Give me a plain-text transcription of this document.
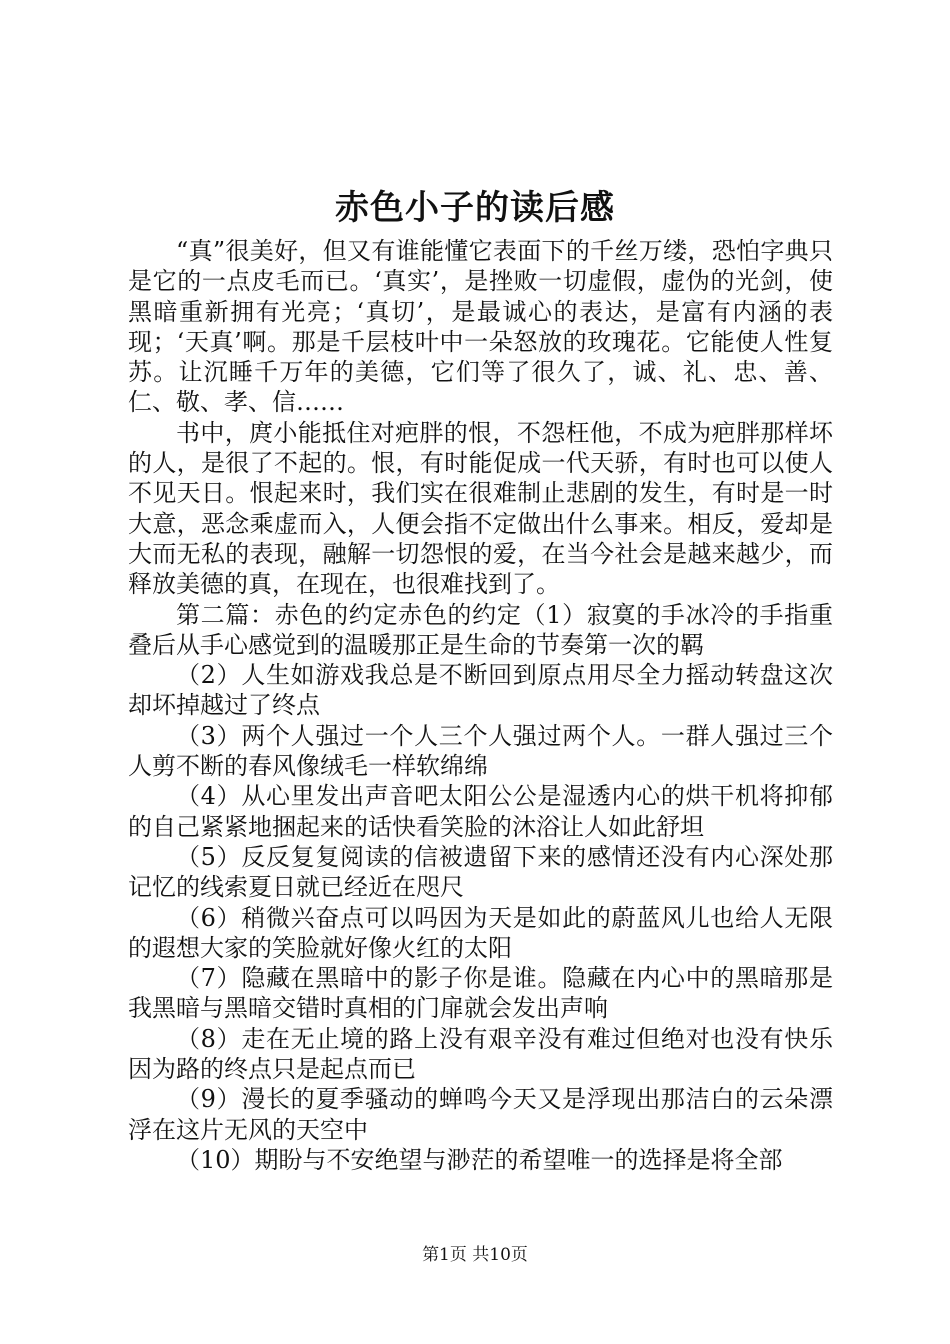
赤色小子的读后感

“真”很美好，但又有谁能懂它表面下的千丝万缕，恐怕字典只是它的一点皮毛而已。‘真实’，是挫败一切虚假，虚伪的光剑，使黑暗重新拥有光亮；‘真切’，是最诚心的表达，是富有内涵的表现；‘天真’啊。那是千层枝叶中一朵怒放的玫瑰花。它能使人性复苏。让沉睡千万年的美德，它们等了很久了，诚、礼、忠、善、仁、敬、孝、信……

书中，庹小能抵住对疤胖的恨，不怨枉他，不成为疤胖那样坏的人，是很了不起的。恨，有时能促成一代天骄，有时也可以使人不见天日。恨起来时，我们实在很难制止悲剧的发生，有时是一时大意，恶念乘虚而入，人便会指不定做出什么事来。相反，爱却是大而无私的表现，融解一切怨恨的爱，在当今社会是越来越少，而释放美德的真，在现在，也很难找到了。

第二篇：赤色的约定赤色的约定（1）寂寞的手冰冷的手指重叠后从手心感觉到的温暖那正是生命的节奏第一次的羁

（2）人生如游戏我总是不断回到原点用尽全力摇动转盘这次却坏掉越过了终点

（3）两个人强过一个人三个人强过两个人。一群人强过三个人剪不断的春风像绒毛一样软绵绵

（4）从心里发出声音吧太阳公公是湿透内心的烘干机将抑郁的自己紧紧地捆起来的话快看笑脸的沐浴让人如此舒坦

（5）反反复复阅读的信被遗留下来的感情还没有内心深处那记忆的线索夏日就已经近在咫尺

（6）稍微兴奋点可以吗因为天是如此的蔚蓝风儿也给人无限的遐想大家的笑脸就好像火红的太阳

（7）隐藏在黑暗中的影子你是谁。隐藏在内心中的黑暗那是我黑暗与黑暗交错时真相的门扉就会发出声响

（8）走在无止境的路上没有艰辛没有难过但绝对也没有快乐因为路的终点只是起点而已

（9）漫长的夏季骚动的蝉鸣今天又是浮现出那洁白的云朵漂浮在这片无风的天空中

（10）期盼与不安绝望与渺茫的希望唯一的选择是将全部

第1页 共10页
